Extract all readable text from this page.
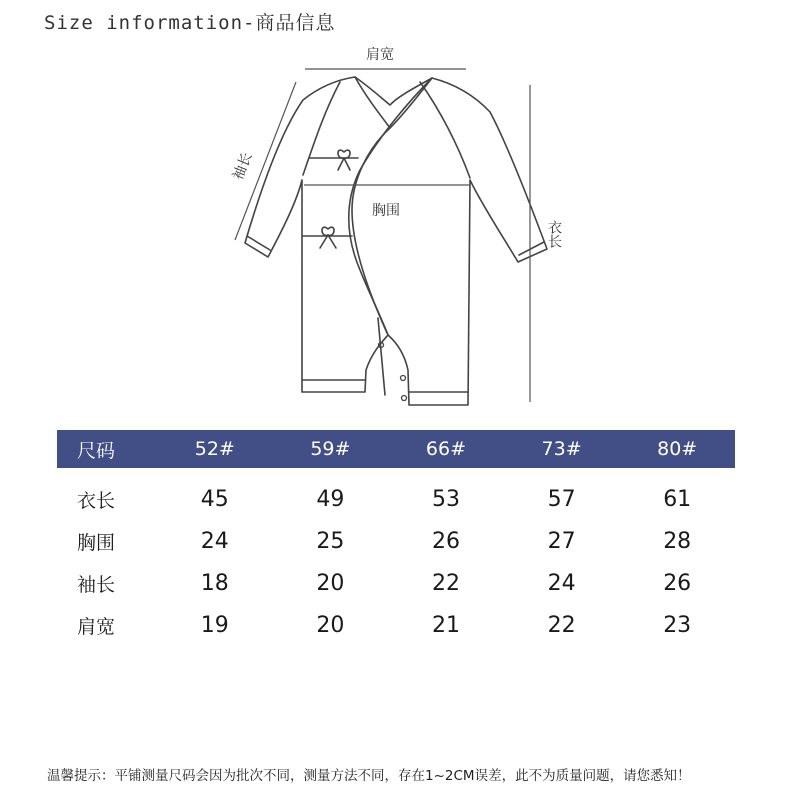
Size information-商品信息
肩宽
胸围
衣长
袖长
尺码	52#	59#	66#	73#	80#
衣长	45	49	53	57	61
胸围	24	25	26	27	28
袖长	18	20	22	24	26
肩宽	19	20	21	22	23
温馨提示：平铺测量尺码会因为批次不同，测量方法不同，存在1~2CM误差，此不为质量问题，请您悉知！
